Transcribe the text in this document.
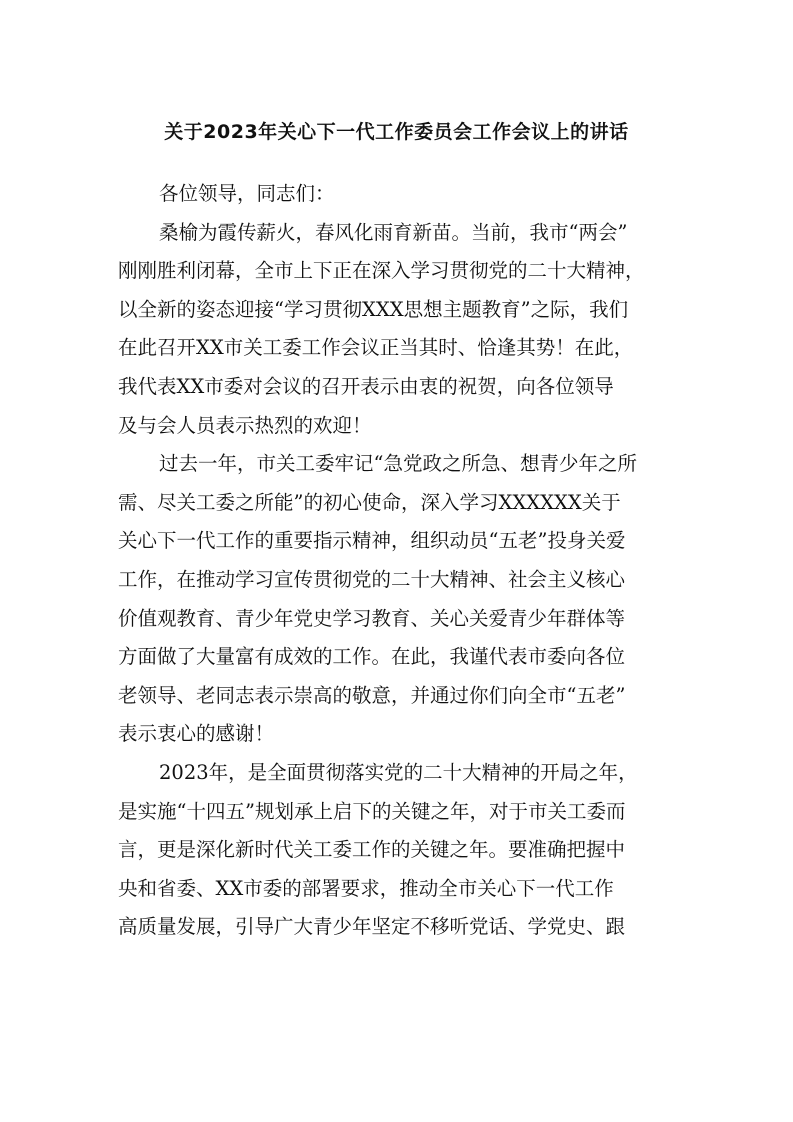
关于2023年关心下一代工作委员会工作会议上的讲话
各位领导，同志们：
桑榆为霞传薪火，春风化雨育新苗。当前，我市“两会”
刚刚胜利闭幕，全市上下正在深入学习贯彻党的二十大精神，
以全新的姿态迎接“学习贯彻XXX思想主题教育”之际，我们
在此召开XX市关工委工作会议正当其时、恰逢其势！在此，
我代表XX市委对会议的召开表示由衷的祝贺，向各位领导
及与会人员表示热烈的欢迎！
过去一年，市关工委牢记“急党政之所急、想青少年之所
需、尽关工委之所能”的初心使命，深入学习XXXXXX关于
关心下一代工作的重要指示精神，组织动员“五老”投身关爱
工作，在推动学习宣传贯彻党的二十大精神、社会主义核心
价值观教育、青少年党史学习教育、关心关爱青少年群体等
方面做了大量富有成效的工作。在此，我谨代表市委向各位
老领导、老同志表示崇高的敬意，并通过你们向全市“五老”
表示衷心的感谢！
2023年，是全面贯彻落实党的二十大精神的开局之年，
是实施“十四五”规划承上启下的关键之年，对于市关工委而
言，更是深化新时代关工委工作的关键之年。要准确把握中
央和省委、XX市委的部署要求，推动全市关心下一代工作
高质量发展，引导广大青少年坚定不移听党话、学党史、跟
